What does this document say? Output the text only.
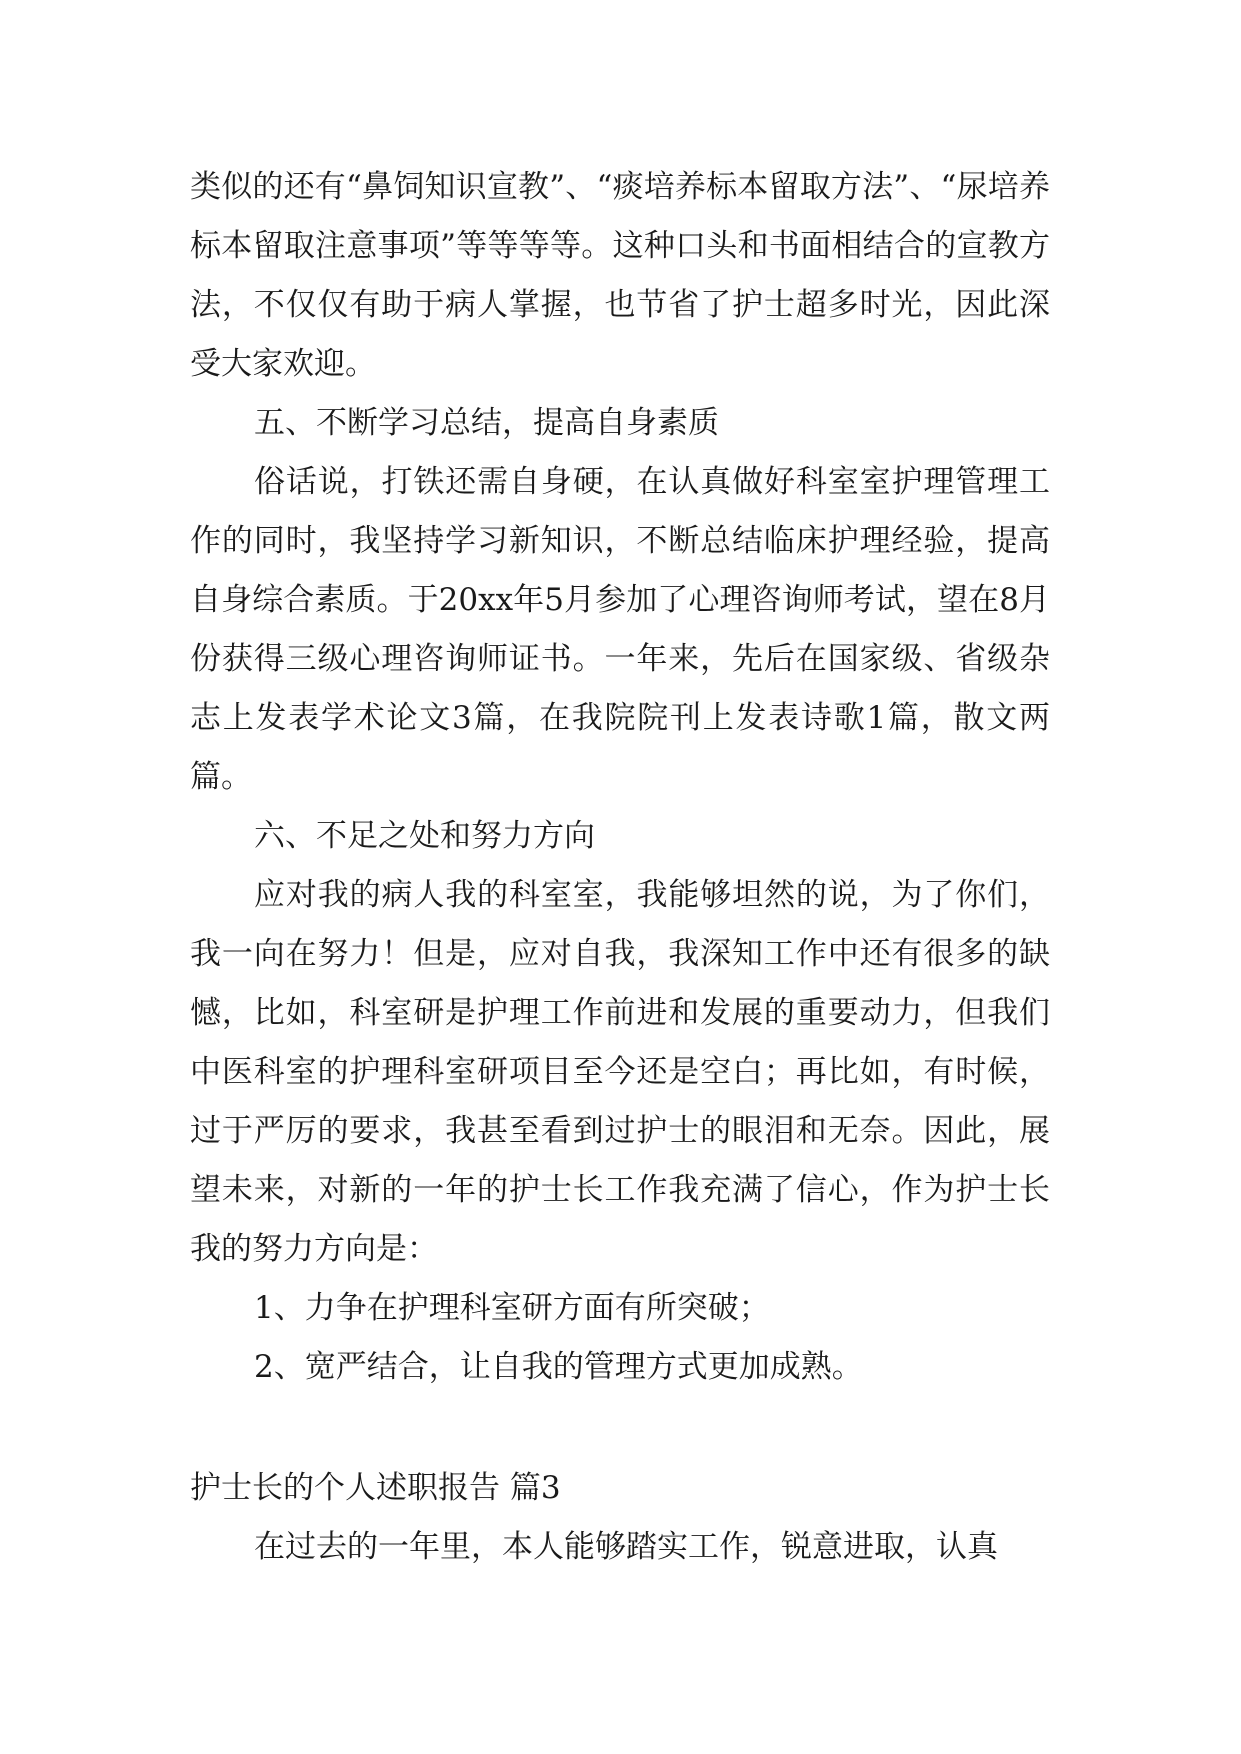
类似的还有“鼻饲知识宣教”、“痰培养标本留取方法”、“尿培养标本留取注意事项”等等等等。这种口头和书面相结合的宣教方法，不仅仅有助于病人掌握，也节省了护士超多时光，因此深受大家欢迎。

五、不断学习总结，提高自身素质

俗话说，打铁还需自身硬，在认真做好科室室护理管理工作的同时，我坚持学习新知识，不断总结临床护理经验，提高自身综合素质。于20xx年5月参加了心理咨询师考试，望在8月份获得三级心理咨询师证书。一年来，先后在国家级、省级杂志上发表学术论文3篇，在我院院刊上发表诗歌1篇，散文两篇。

六、不足之处和努力方向

应对我的病人我的科室室，我能够坦然的说，为了你们，我一向在努力！但是，应对自我，我深知工作中还有很多的缺憾，比如，科室研是护理工作前进和发展的重要动力，但我们中医科室的护理科室研项目至今还是空白；再比如，有时候，过于严厉的要求，我甚至看到过护士的眼泪和无奈。因此，展望未来，对新的一年的护士长工作我充满了信心，作为护士长我的努力方向是：

1、力争在护理科室研方面有所突破；

2、宽严结合，让自我的管理方式更加成熟。

护士长的个人述职报告 篇3

在过去的一年里，本人能够踏实工作，锐意进取，认真
